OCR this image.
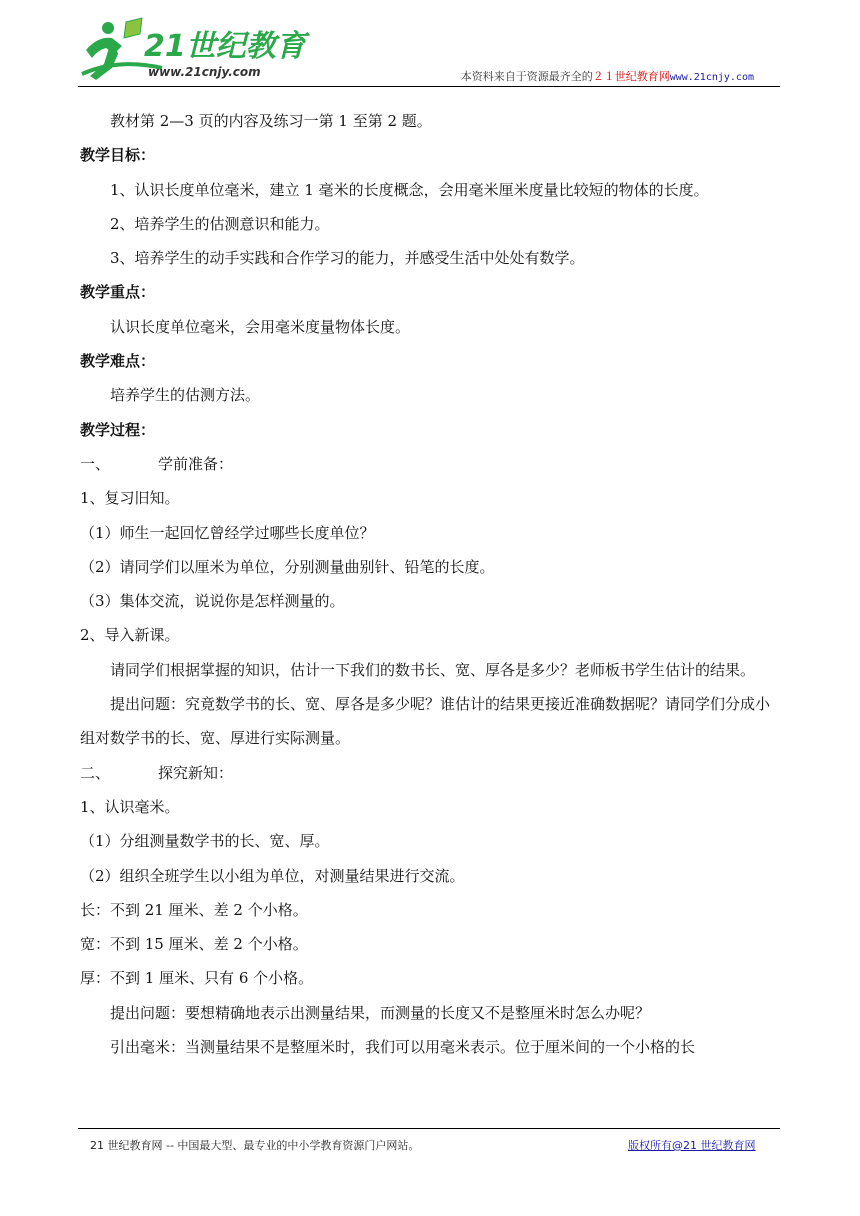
21世纪教育
www.21cnjy.com	本资料来自于资源最齐全的２１世纪教育网www.21cnjy.com
教材第 2—3 页的内容及练习一第 1 至第 2 题。
教学目标：
1、认识长度单位毫米，建立 1 毫米的长度概念，会用毫米厘米度量比较短的物体的长度。
2、培养学生的估测意识和能力。
3、培养学生的动手实践和合作学习的能力，并感受生活中处处有数学。
教学重点：
认识长度单位毫米，会用毫米度量物体长度。
教学难点：
培养学生的估测方法。
教学过程：
一、	学前准备：
1、复习旧知。
（1）师生一起回忆曾经学过哪些长度单位？
（2）请同学们以厘米为单位，分别测量曲别针、铅笔的长度。
（3）集体交流，说说你是怎样测量的。
2、导入新课。
请同学们根据掌握的知识，估计一下我们的数书长、宽、厚各是多少？老师板书学生估计的结果。
提出问题：究竟数学书的长、宽、厚各是多少呢？谁估计的结果更接近准确数据呢？请同学们分成小组对数学书的长、宽、厚进行实际测量。
二、	探究新知：
1、认识毫米。
（1）分组测量数学书的长、宽、厚。
（2）组织全班学生以小组为单位，对测量结果进行交流。
长：不到 21 厘米、差 2 个小格。
宽：不到 15 厘米、差 2 个小格。
厚：不到 1 厘米、只有 6 个小格。
提出问题：要想精确地表示出测量结果，而测量的长度又不是整厘米时怎么办呢？
引出毫米：当测量结果不是整厘米时，我们可以用毫米表示。位于厘米间的一个小格的长
21 世纪教育网 -- 中国最大型、最专业的中小学教育资源门户网站。	版权所有@21 世纪教育网
